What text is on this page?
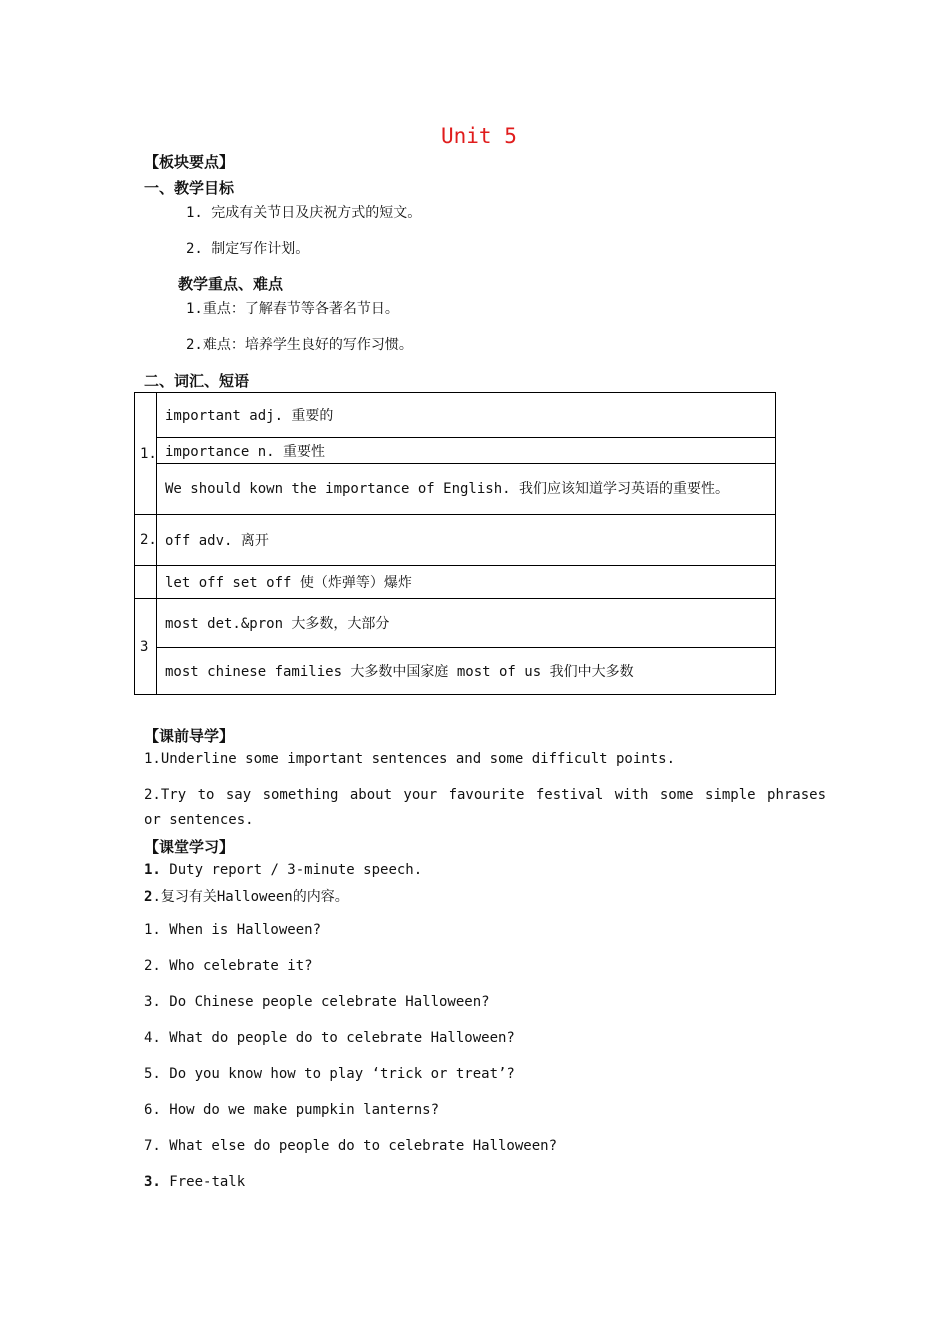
Unit 5
【板块要点】
一、教学目标
1. 完成有关节日及庆祝方式的短文。
2. 制定写作计划。
教学重点、难点
1.重点：了解春节等各著名节日。
2.难点：培养学生良好的写作习惯。
二、词汇、短语
1.	important adj. 重要的
	importance n. 重要性
	We should kown the importance of English. 我们应该知道学习英语的重要性。
2.	off adv. 离开
	let off set off 使（炸弹等）爆炸
3	most det.&pron 大多数，大部分
	most chinese families 大多数中国家庭 most of us 我们中大多数
【课前导学】
1.Underline some important sentences and some difficult points.
2.Try to say something about your favourite festival with some simple phrases
or sentences.
【课堂学习】
1. Duty report / 3-minute speech.
2.复习有关Halloween的内容。
1. When is Halloween?
2. Who celebrate it?
3. Do Chinese people celebrate Halloween?
4. What do people do to celebrate Halloween?
5. Do you know how to play ‘trick or treat’?
6. How do we make pumpkin lanterns?
7. What else do people do to celebrate Halloween?
3. Free-talk
